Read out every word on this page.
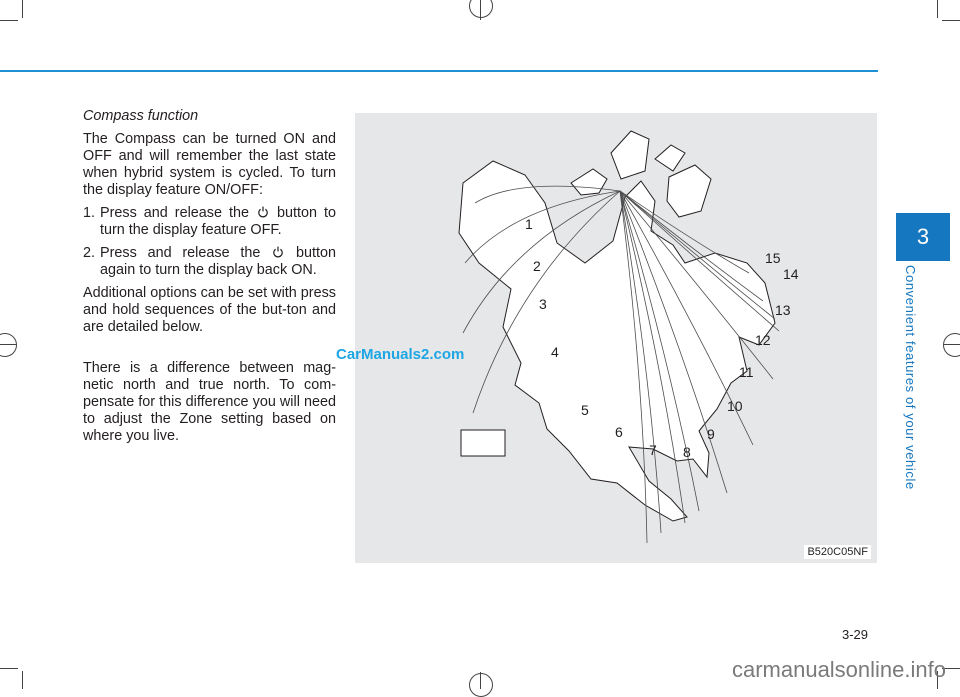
3
Convenient features of your vehicle
Compass function

The Compass can be turned ON and OFF and will remember the last state when hybrid system is cycled. To turn the display feature ON/OFF:

1. Press and release the button to turn the display feature OFF.
2. Press and release the button again to turn the display back ON.

Additional options can be set with press and hold sequences of the but-ton and are detailed below.

There is a difference between mag-netic north and true north. To com-pensate for this difference you will need to adjust the Zone setting based on where you live.

1
2
3
4
5
6
7 8
9
10
11
12
13
14
15
B520C05NF
CarManuals2.com
3-29
carmanualsonline.info
